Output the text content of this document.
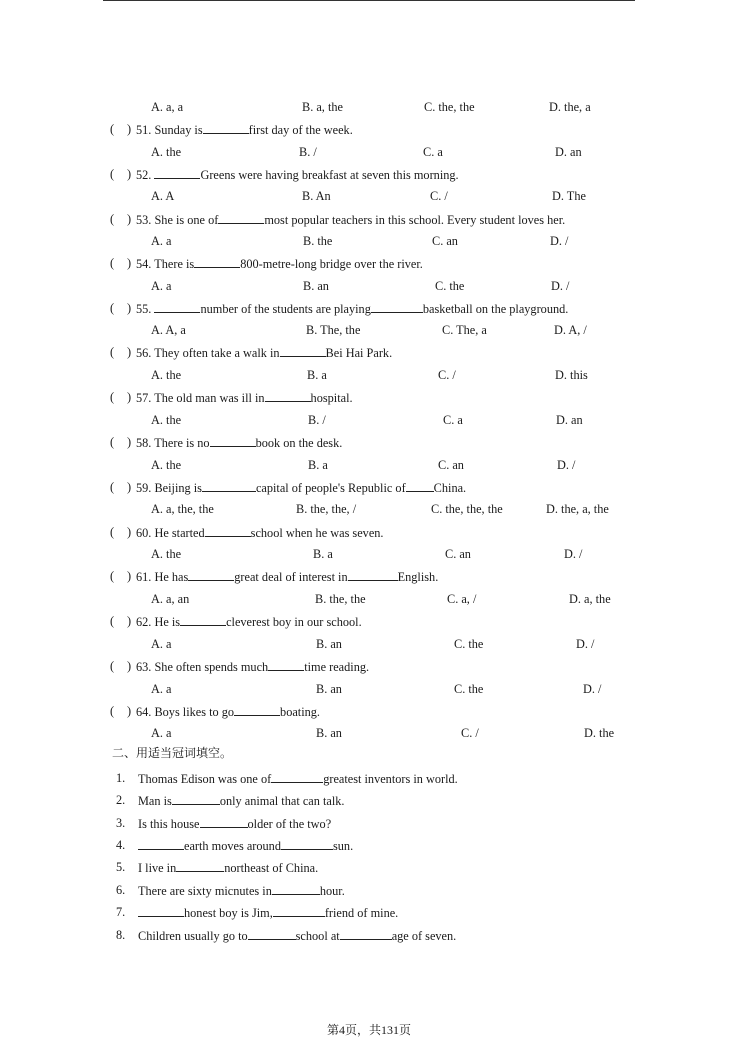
A. a, a	B. a, the	C. the, the	D. the, a
( ) 51. Sunday is	first day of the week.
A. the	B. /	C. a	D. an
( ) 52.	Greens were having breakfast at seven this morning.
A. A	B. An	C. /	D. The
( ) 53. She is one of	most popular teachers in this school. Every student loves her.
A. a	B. the	C. an	D. /
( ) 54. There is	800-metre-long bridge over the river.
A. a	B. an	C. the	D. /
( ) 55.	number of the students are playing	basketball on the playground.
A. A, a	B. The, the	C. The, a	D. A, /
( ) 56. They often take a walk in	Bei Hai Park.
A. the	B. a	C. /	D. this
( ) 57. The old man was ill in	hospital.
A. the	B. /	C. a	D. an
( ) 58. There is no	book on the desk.
A. the	B. a	C. an	D. /
( ) 59. Beijing is	capital of people's Republic of China.
A. a, the, the	B. the, the, /	C. the, the, the	D. the, a, the
( ) 60. He started	school when he was seven.
A. the	B. a	C. an	D. /
( ) 61. He has	great deal of interest in	English.
A. a, an	B. the, the	C. a, /	D. a, the
( ) 62. He is	cleverest boy in our school.
A. a	B. an	C. the	D. /
( ) 63. She often spends much	time reading.
A. a	B. an	C. the	D. /
( ) 64. Boys likes to go	boating.
A. a	B. an	C. /	D. the
二、用适当冠词填空。
1. Thomas Edison was one of	greatest inventors in world.
2. Man is	only animal that can talk.
3. Is this house	older of the two?
4.	earth moves around	sun.
5. I live in	northeast of China.
6. There are sixty micnutes in	hour.
7.	honest boy is Jim,	friend of mine.
8. Children usually go to	school at	age of seven.
第4页，共131页
